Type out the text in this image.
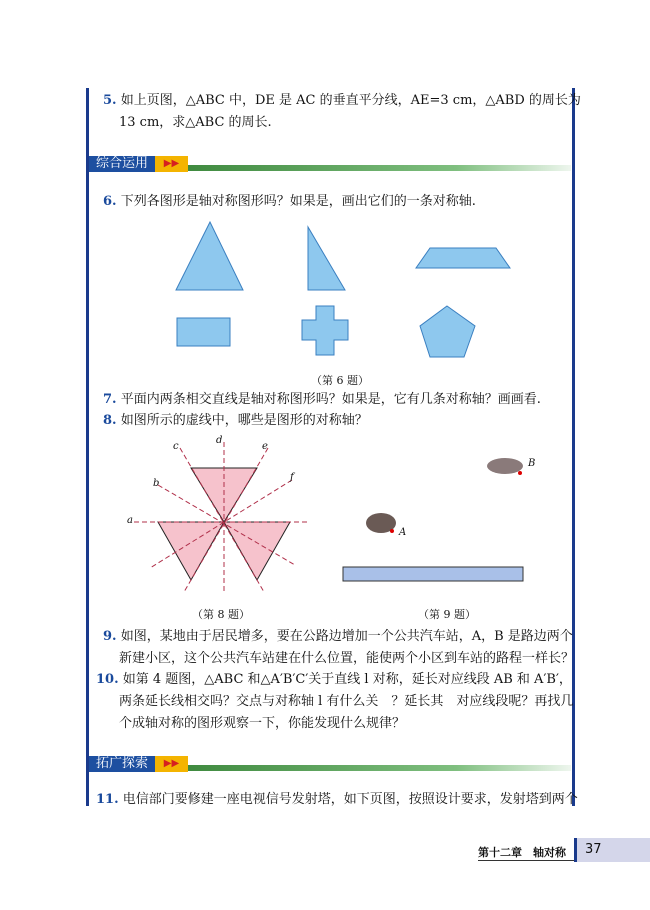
5. 如上页图，△ABC 中，DE 是 AC 的垂直平分线，AE=3 cm，△ABD 的周长为
13 cm，求△ABC 的周长.
综合运用	▶▶
6. 下列各图形是轴对称图形吗？如果是，画出它们的一条对称轴.
（第 6 题）
a
b
c
d
e
f
B
A
7. 平面内两条相交直线是轴对称图形吗？如果是，它有几条对称轴？画画看.
8. 如图所示的虚线中，哪些是图形的对称轴？
（第 8 题）	（第 9 题）
9. 如图，某地由于居民增多，要在公路边增加一个公共汽车站，A，B 是路边两个
新建小区，这个公共汽车站建在什么位置，能使两个小区到车站的路程一样长？
10. 如第 4 题图，△ABC 和△A′B′C′关于直线 l 对称，延长对应线段 AB 和 A′B′，
两条延长线相交吗？交点与对称轴 l 有什么关　？延长其　对应线段呢？再找几
个成轴对称的图形观察一下，你能发现什么规律？
拓广探索	▶▶
11. 电信部门要修建一座电视信号发射塔，如下页图，按照设计要求，发射塔到两个
第十二章　轴对称	37
